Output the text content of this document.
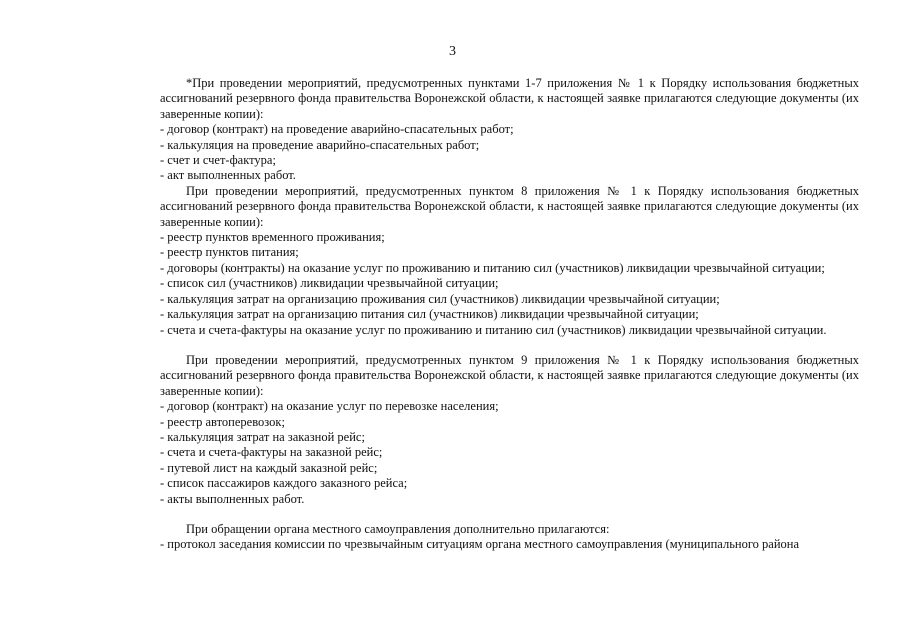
3

*При проведении мероприятий, предусмотренных пунктами 1-7 приложения № 1 к Порядку использования бюджетных ассигнований резервного фонда правительства Воронежской области, к настоящей заявке прилагаются следующие документы (их заверенные копии):

- договор (контракт) на проведение аварийно-спасательных работ;
- калькуляция на проведение аварийно-спасательных работ;
- счет и счет-фактура;
- акт выполненных работ.

При проведении мероприятий, предусмотренных пунктом 8 приложения № 1 к Порядку использования бюджетных ассигнований резервного фонда правительства Воронежской области, к настоящей заявке прилагаются следующие документы (их заверенные копии):

- реестр пунктов временного проживания;
- реестр пунктов питания;
- договоры (контракты) на оказание услуг по проживанию и питанию сил (участников) ликвидации чрезвычайной ситуации;
- список сил (участников) ликвидации чрезвычайной ситуации;
- калькуляция затрат на организацию проживания сил (участников) ликвидации чрезвычайной ситуации;
- калькуляция затрат на организацию питания сил (участников) ликвидации чрезвычайной ситуации;
- счета и счета-фактуры на оказание услуг по проживанию и питанию сил (участников) ликвидации чрезвычайной ситуации.

При проведении мероприятий, предусмотренных пунктом 9 приложения № 1 к Порядку использования бюджетных ассигнований резервного фонда правительства Воронежской области, к настоящей заявке прилагаются следующие документы (их заверенные копии):

- договор (контракт) на оказание услуг по перевозке населения;
- реестр автоперевозок;
- калькуляция затрат на заказной рейс;
- счета и счета-фактуры на заказной рейс;
- путевой лист на каждый заказной рейс;
- список пассажиров каждого заказного рейса;
- акты выполненных работ.

При обращении органа местного самоуправления дополнительно прилагаются:

- протокол заседания комиссии по чрезвычайным ситуациям органа местного самоуправления (муниципального района
